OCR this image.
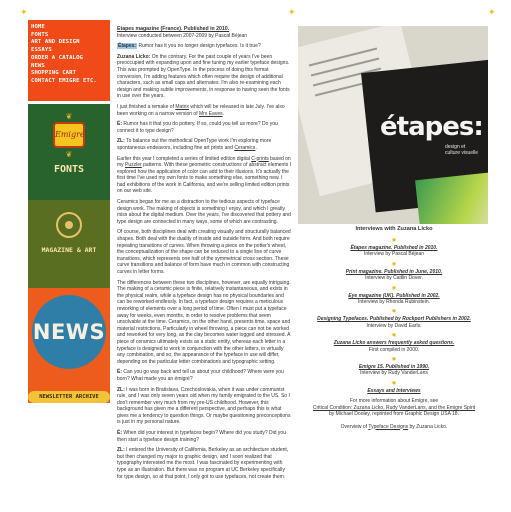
✦	✦	✦
HOME
FONTS
ART AND DESIGN
ESSAYS
ORDER A CATALOG
NEWS
SHOPPING CART
CONTACT EMIGRE ETC.
❦
Emigre
❦
FONTS
MAGAZINE & ART
NEWS
NEWSLETTER ARCHIVE

Étapes magazine (France). Published in 2010.
Interview conducted between 2007-2009 by Pascal Béjean

Étapes: Rumor has it you no longer design typefaces. Is it true?

Zuzana Licko: On the contrary. For the past couple of years I've been preoccupied with expanding upon and fine tuning my earlier typeface designs. This was prompted by OpenType. In the process of doing this format conversion, I'm adding features which often require the design of additional characters, such as small caps and alternates. I'm also re-examining each design and making subtle improvements, in response to having seen the fonts in use over the years.

I just finished a remake of Matrix which will be released in late July. I've also been working on a narrow version of Mrs Eaves.

É: Rumor has it that you do pottery. If so, could you tell us more? Do you connect it to type design?

ZL: To balance out the methodical OpenType work I'm exploring more spontaneous endeavors, including fine art prints and Ceramics.

Earlier this year I completed a series of limited edition digital C-prints based on my Puzzler patterns. With these geometric constructions of abstract elements I explored how the application of color can add to their illusions. It's actually the first time I've used my own fonts to make something else, something new. I had exhibitions of the work in California, and we're selling limited edition prints on our web site.

Ceramics began for me as a distraction to the tedious aspects of typeface design work. The making of objects is something I enjoy, and which I greatly miss about the digital medium. Over the years, I've discovered that pottery and type design are connected in many ways, some of which are contrasting.

Of course, both disciplines deal with creating visually and structurally balanced shapes. Both deal with the duality of inside and outside form. And both require repeating transitions of curves. When throwing a piece on the potter's wheel, the conceptualization of the shape can be reduced to a single line of curve transitions, which represents one half of the symmetrical cross section. These curve transitions and balance of form have much in common with constructing curves in letter forms.

The differences between these two disciplines, however, are equally intriguing. The making of a ceramic piece is finite, relatively instantaneous, and exists in the physical realm, while a typeface design has no physical boundaries and can be reworked endlessly. In fact, a typeface design requires a meticulous reworking of elements over a long period of time. Often I must put a typeface away for weeks, even months, in order to resolve problems that seem unsolvable at the time. Ceramics, on the other hand, presents time, space and material restrictions. Particularly in wheel throwing, a piece can not be worked and reworked for very long, as the clay becomes water logged and stressed. A piece of ceramics ultimately exists as a static entity, whereas each letter in a typeface is designed to work in conjunction with the other letters, in virtually any combination, and so, the appearance of the typeface in use will differ, depending on the particular letter combinations and typographic setting.

É: Can you go way back and tell us about your childhood? Where were you born? What made you an émigré?

ZL: I was born in Bratislava, Czechoslovakia, when it was under communist rule, and I was only seven years old when my family emigrated to the US. So I don't remember very much from my pre-US childhood. However, this background has given me a different perspective, and perhaps this is what gives me a tendency to question things. Or maybe questioning preconceptions is just in my personal nature.

É: When did your interest in typefaces begin? Where did you study? Did you then start a typeface design training?

ZL: I entered the University of California, Berkeley as an architecture student, but then changed my major to graphic design, and I soon realized that typography interested me the most. I was fascinated by experimenting with type as an illustration. But there was no program at UC Berkeley specifically for type design, so at that point, I only got to use typefaces, not create them.

étapes:
design et
culture visuelle
Interviews with Zuzana Licko
✸
Étapes magazine. Published in 2010.
Interview by Pascal Béjean
✸
Print magazine. Published in June, 2010.
Interview by Caitlin Dover.
✸
Eye magazine (UK). Published in 2002.
Interview by Rhonda Rubinstein.
✸
Designing Typefaces. Published by Rockport Publishers in 2002.
Interview by David Earls.
✸
Zuzana Licko answers frequently asked questions.
First compiled in 2000.
✸
Emigre 15. Published in 1990.
Interview by Rudy VanderLans
✸
Essays and Interviews
For more information about Emigre, see
Critical Condition: Zuzana Licko, Rudy VanderLans, and the Emigre Spirit
by Michael Dooley, reprinted from Graphic Design USA 18.
Overview of Typeface Designs by Zuzana Licko.
